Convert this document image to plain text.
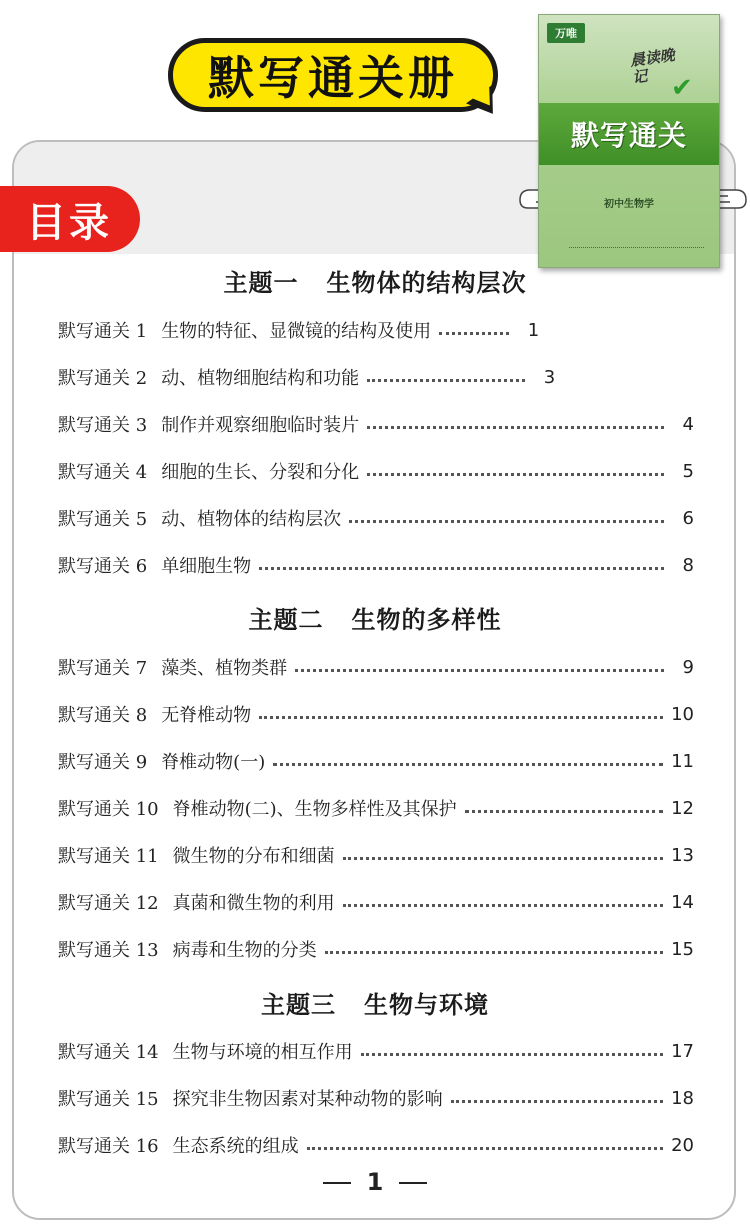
默写通关册
目录
万唯
晨读晚记 ✔
默写通关
初中生物学
主题一 生物体的结构层次
默写通关 1 生物的特征、显微镜的结构及使用	1
默写通关 2 动、植物细胞结构和功能	3
默写通关 3 制作并观察细胞临时装片	4
默写通关 4 细胞的生长、分裂和分化	5
默写通关 5 动、植物体的结构层次	6
默写通关 6 单细胞生物	8
主题二 生物的多样性
默写通关 7 藻类、植物类群	9
默写通关 8 无脊椎动物	10
默写通关 9 脊椎动物(一)	11
默写通关 10 脊椎动物(二)、生物多样性及其保护	12
默写通关 11 微生物的分布和细菌	13
默写通关 12 真菌和微生物的利用	14
默写通关 13 病毒和生物的分类	15
主题三 生物与环境
默写通关 14 生物与环境的相互作用	17
默写通关 15 探究非生物因素对某种动物的影响	18
默写通关 16 生态系统的组成	20
1
